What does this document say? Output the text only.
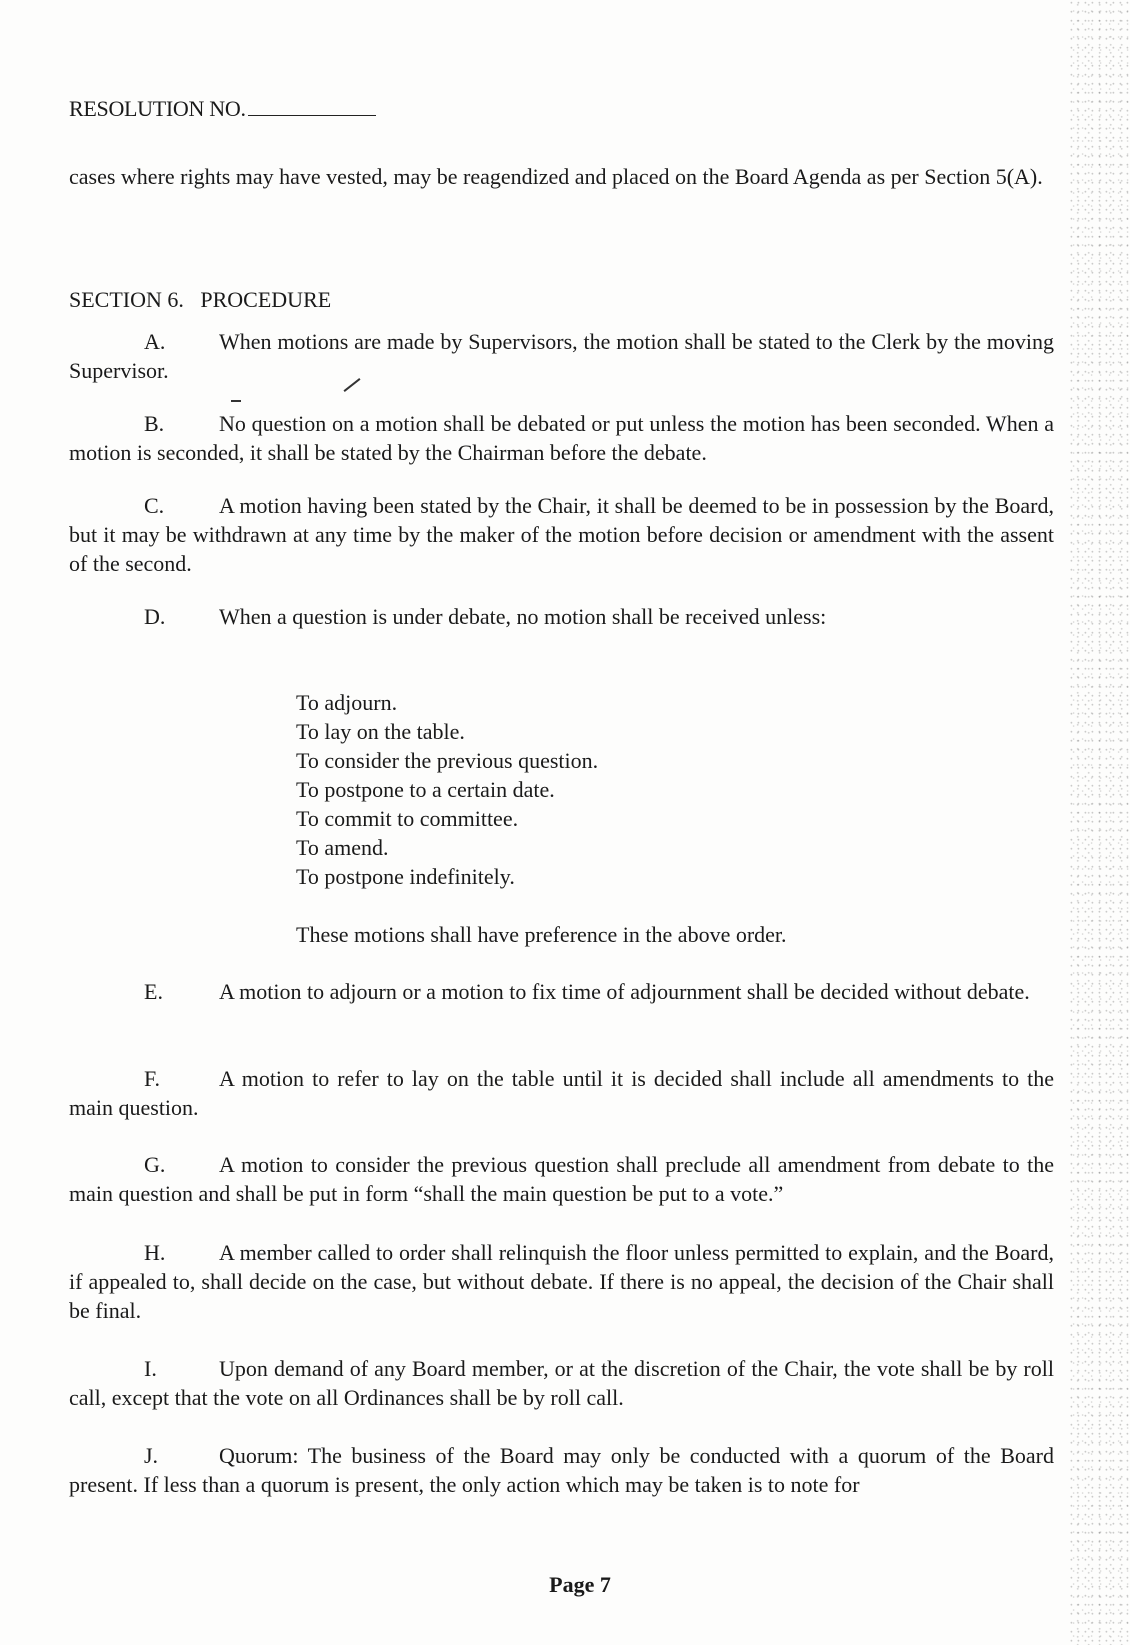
RESOLUTION NO.
cases where rights may have vested, may be reagendized and placed on the Board Agenda as per Section 5(A).
SECTION 6.   PROCEDURE
A. When motions are made by Supervisors, the motion shall be stated to the Clerk by the moving Supervisor.
B. No question on a motion shall be debated or put unless the motion has been seconded. When a motion is seconded, it shall be stated by the Chairman before the debate.
C. A motion having been stated by the Chair, it shall be deemed to be in possession by the Board, but it may be withdrawn at any time by the maker of the motion before decision or amendment with the assent of the second.
D. When a question is under debate, no motion shall be received unless:
To adjourn.
To lay on the table.
To consider the previous question.
To postpone to a certain date.
To commit to committee.
To amend.
To postpone indefinitely.
These motions shall have preference in the above order.
E.	A motion to adjourn or a motion to fix time of adjournment shall be decided without debate.
F.	A motion to refer to lay on the table until it is decided shall include all amendments to the main question.
G. A motion to consider the previous question shall preclude all amendment from debate to the main question and shall be put in form “shall the main question be put to a vote.”
H. A member called to order shall relinquish the floor unless permitted to explain, and the Board, if appealed to, shall decide on the case, but without debate. If there is no appeal, the decision of the Chair shall be final.
I.	Upon demand of any Board member, or at the discretion of the Chair, the vote shall be by roll call, except that the vote on all Ordinances shall be by roll call.
J.	Quorum: The business of the Board may only be conducted with a quorum of the Board present. If less than a quorum is present, the only action which may be taken is to note for
Page 7
